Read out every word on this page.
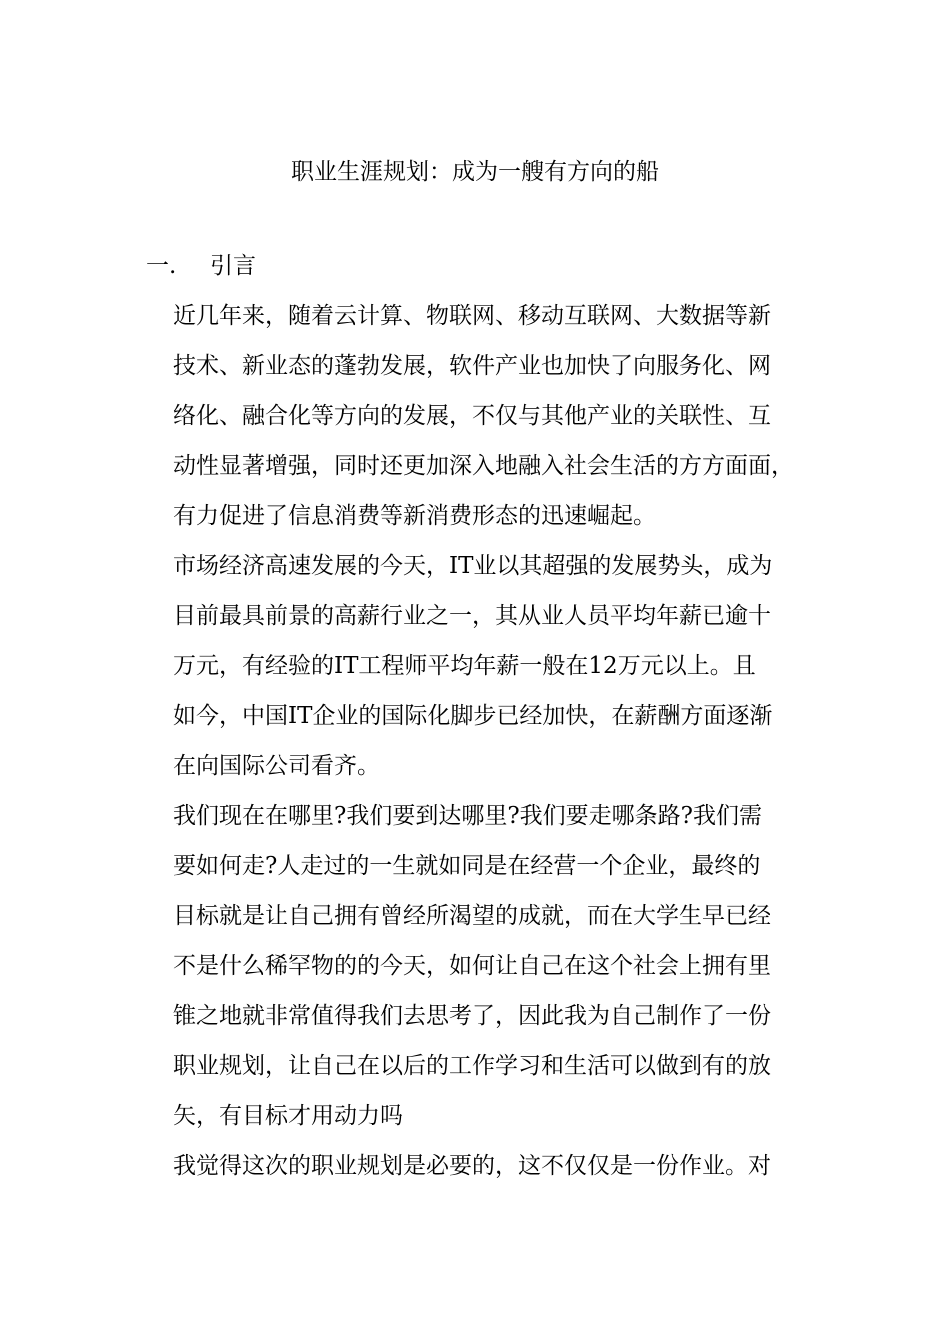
职业生涯规划：成为一艘有方向的船
一. 引言
近几年来，随着云计算、物联网、移动互联网、大数据等新
技术、新业态的蓬勃发展，软件产业也加快了向服务化、网
络化、融合化等方向的发展，不仅与其他产业的关联性、互
动性显著增强，同时还更加深入地融入社会生活的方方面面，
有力促进了信息消费等新消费形态的迅速崛起。
市场经济高速发展的今天，IT业以其超强的发展势头，成为
目前最具前景的高薪行业之一，其从业人员平均年薪已逾十
万元，有经验的IT工程师平均年薪一般在12万元以上。且
如今，中国IT企业的国际化脚步已经加快，在薪酬方面逐渐
在向国际公司看齐。
我们现在在哪里?我们要到达哪里?我们要走哪条路?我们需
要如何走?人走过的一生就如同是在经营一个企业，最终的
目标就是让自己拥有曾经所渴望的成就，而在大学生早已经
不是什么稀罕物的的今天，如何让自己在这个社会上拥有里
锥之地就非常值得我们去思考了，因此我为自己制作了一份
职业规划，让自己在以后的工作学习和生活可以做到有的放
矢，有目标才用动力吗
我觉得这次的职业规划是必要的，这不仅仅是一份作业。对
